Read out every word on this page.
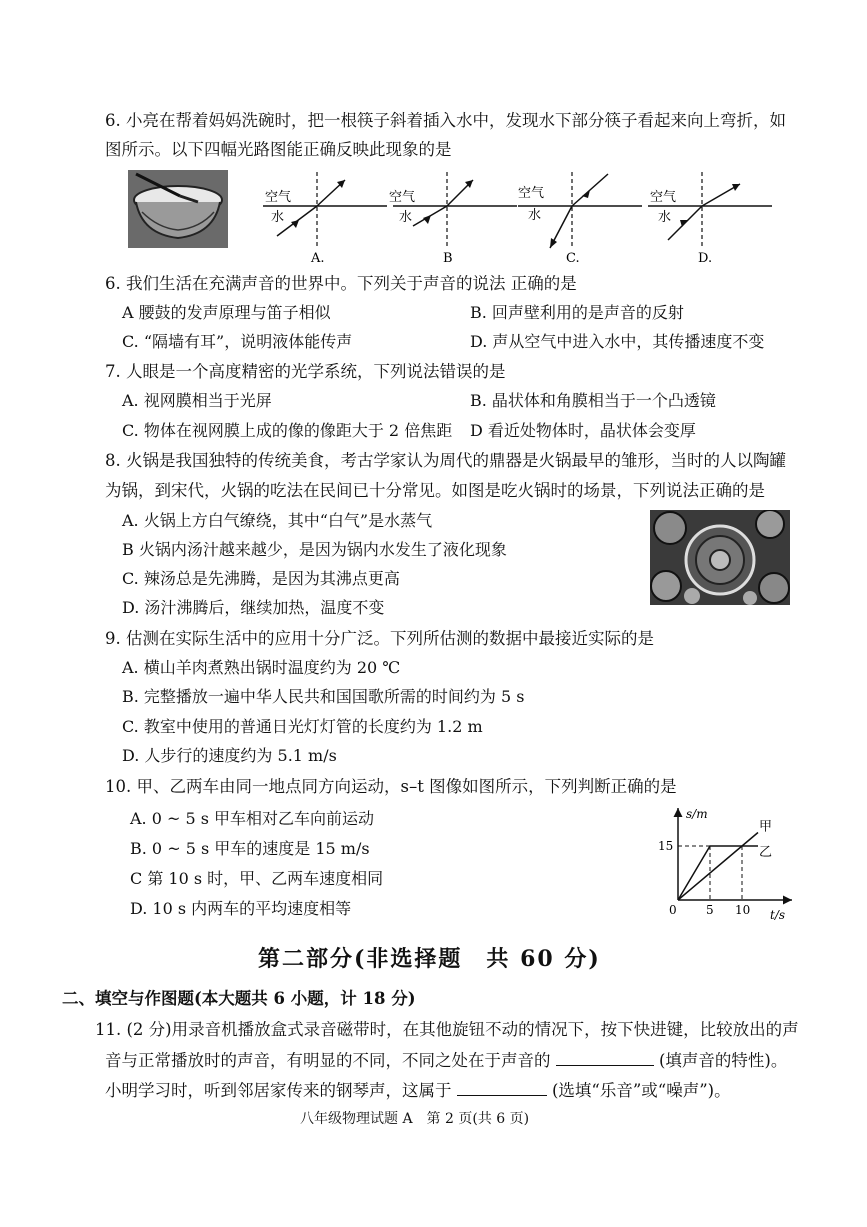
6. 小亮在帮着妈妈洗碗时，把一根筷子斜着插入水中，发现水下部分筷子看起来向上弯折，如
图所示。以下四幅光路图能正确反映此现象的是
空气
水
A.
空气
水
B
空气
水
C.
空气
水
D.
6. 我们生活在充满声音的世界中。下列关于声音的说法 正确的是
A 腰鼓的发声原理与笛子相似	B. 回声壁利用的是声音的反射
C. “隔墙有耳”，说明液体能传声	D. 声从空气中进入水中，其传播速度不变
7. 人眼是一个高度精密的光学系统，下列说法错误的是
A. 视网膜相当于光屏	B. 晶状体和角膜相当于一个凸透镜
C. 物体在视网膜上成的像的像距大于 2 倍焦距 D 看近处物体时，晶状体会变厚
8. 火锅是我国独特的传统美食，考古学家认为周代的鼎器是火锅最早的雏形，当时的人以陶罐
为锅，到宋代，火锅的吃法在民间已十分常见。如图是吃火锅时的场景，下列说法正确的是
A. 火锅上方白气缭绕，其中“白气”是水蒸气
B 火锅内汤汁越来越少，是因为锅内水发生了液化现象
C. 辣汤总是先沸腾，是因为其沸点更高
D. 汤汁沸腾后，继续加热，温度不变
9. 估测在实际生活中的应用十分广泛。下列所估测的数据中最接近实际的是
A. 横山羊肉煮熟出锅时温度约为 20 ℃
B. 完整播放一遍中华人民共和国国歌所需的时间约为 5 s
C. 教室中使用的普通日光灯灯管的长度约为 1.2 m
D. 人步行的速度约为 5.1 m/s
10. 甲、乙两车由同一地点同方向运动，s–t 图像如图所示，下列判断正确的是
A. 0 ~ 5 s 甲车相对乙车向前运动
B. 0 ~ 5 s 甲车的速度是 15 m/s
C 第 10 s 时，甲、乙两车速度相同
D. 10 s 内两车的平均速度相等
s/m
t/s
0 5 10
15
甲
乙
第二部分(非选择题　共 60 分)
二、填空与作图题(本大题共 6 小题，计 18 分)
11. (2 分)用录音机播放盒式录音磁带时，在其他旋钮不动的情况下，按下快进键，比较放出的声
音与正常播放时的声音，有明显的不同，不同之处在于声音的	(填声音的特性)。
小明学习时，听到邻居家传来的钢琴声，这属于	(选填“乐音”或“噪声”)。
八年级物理试题 A　第 2 页(共 6 页)
